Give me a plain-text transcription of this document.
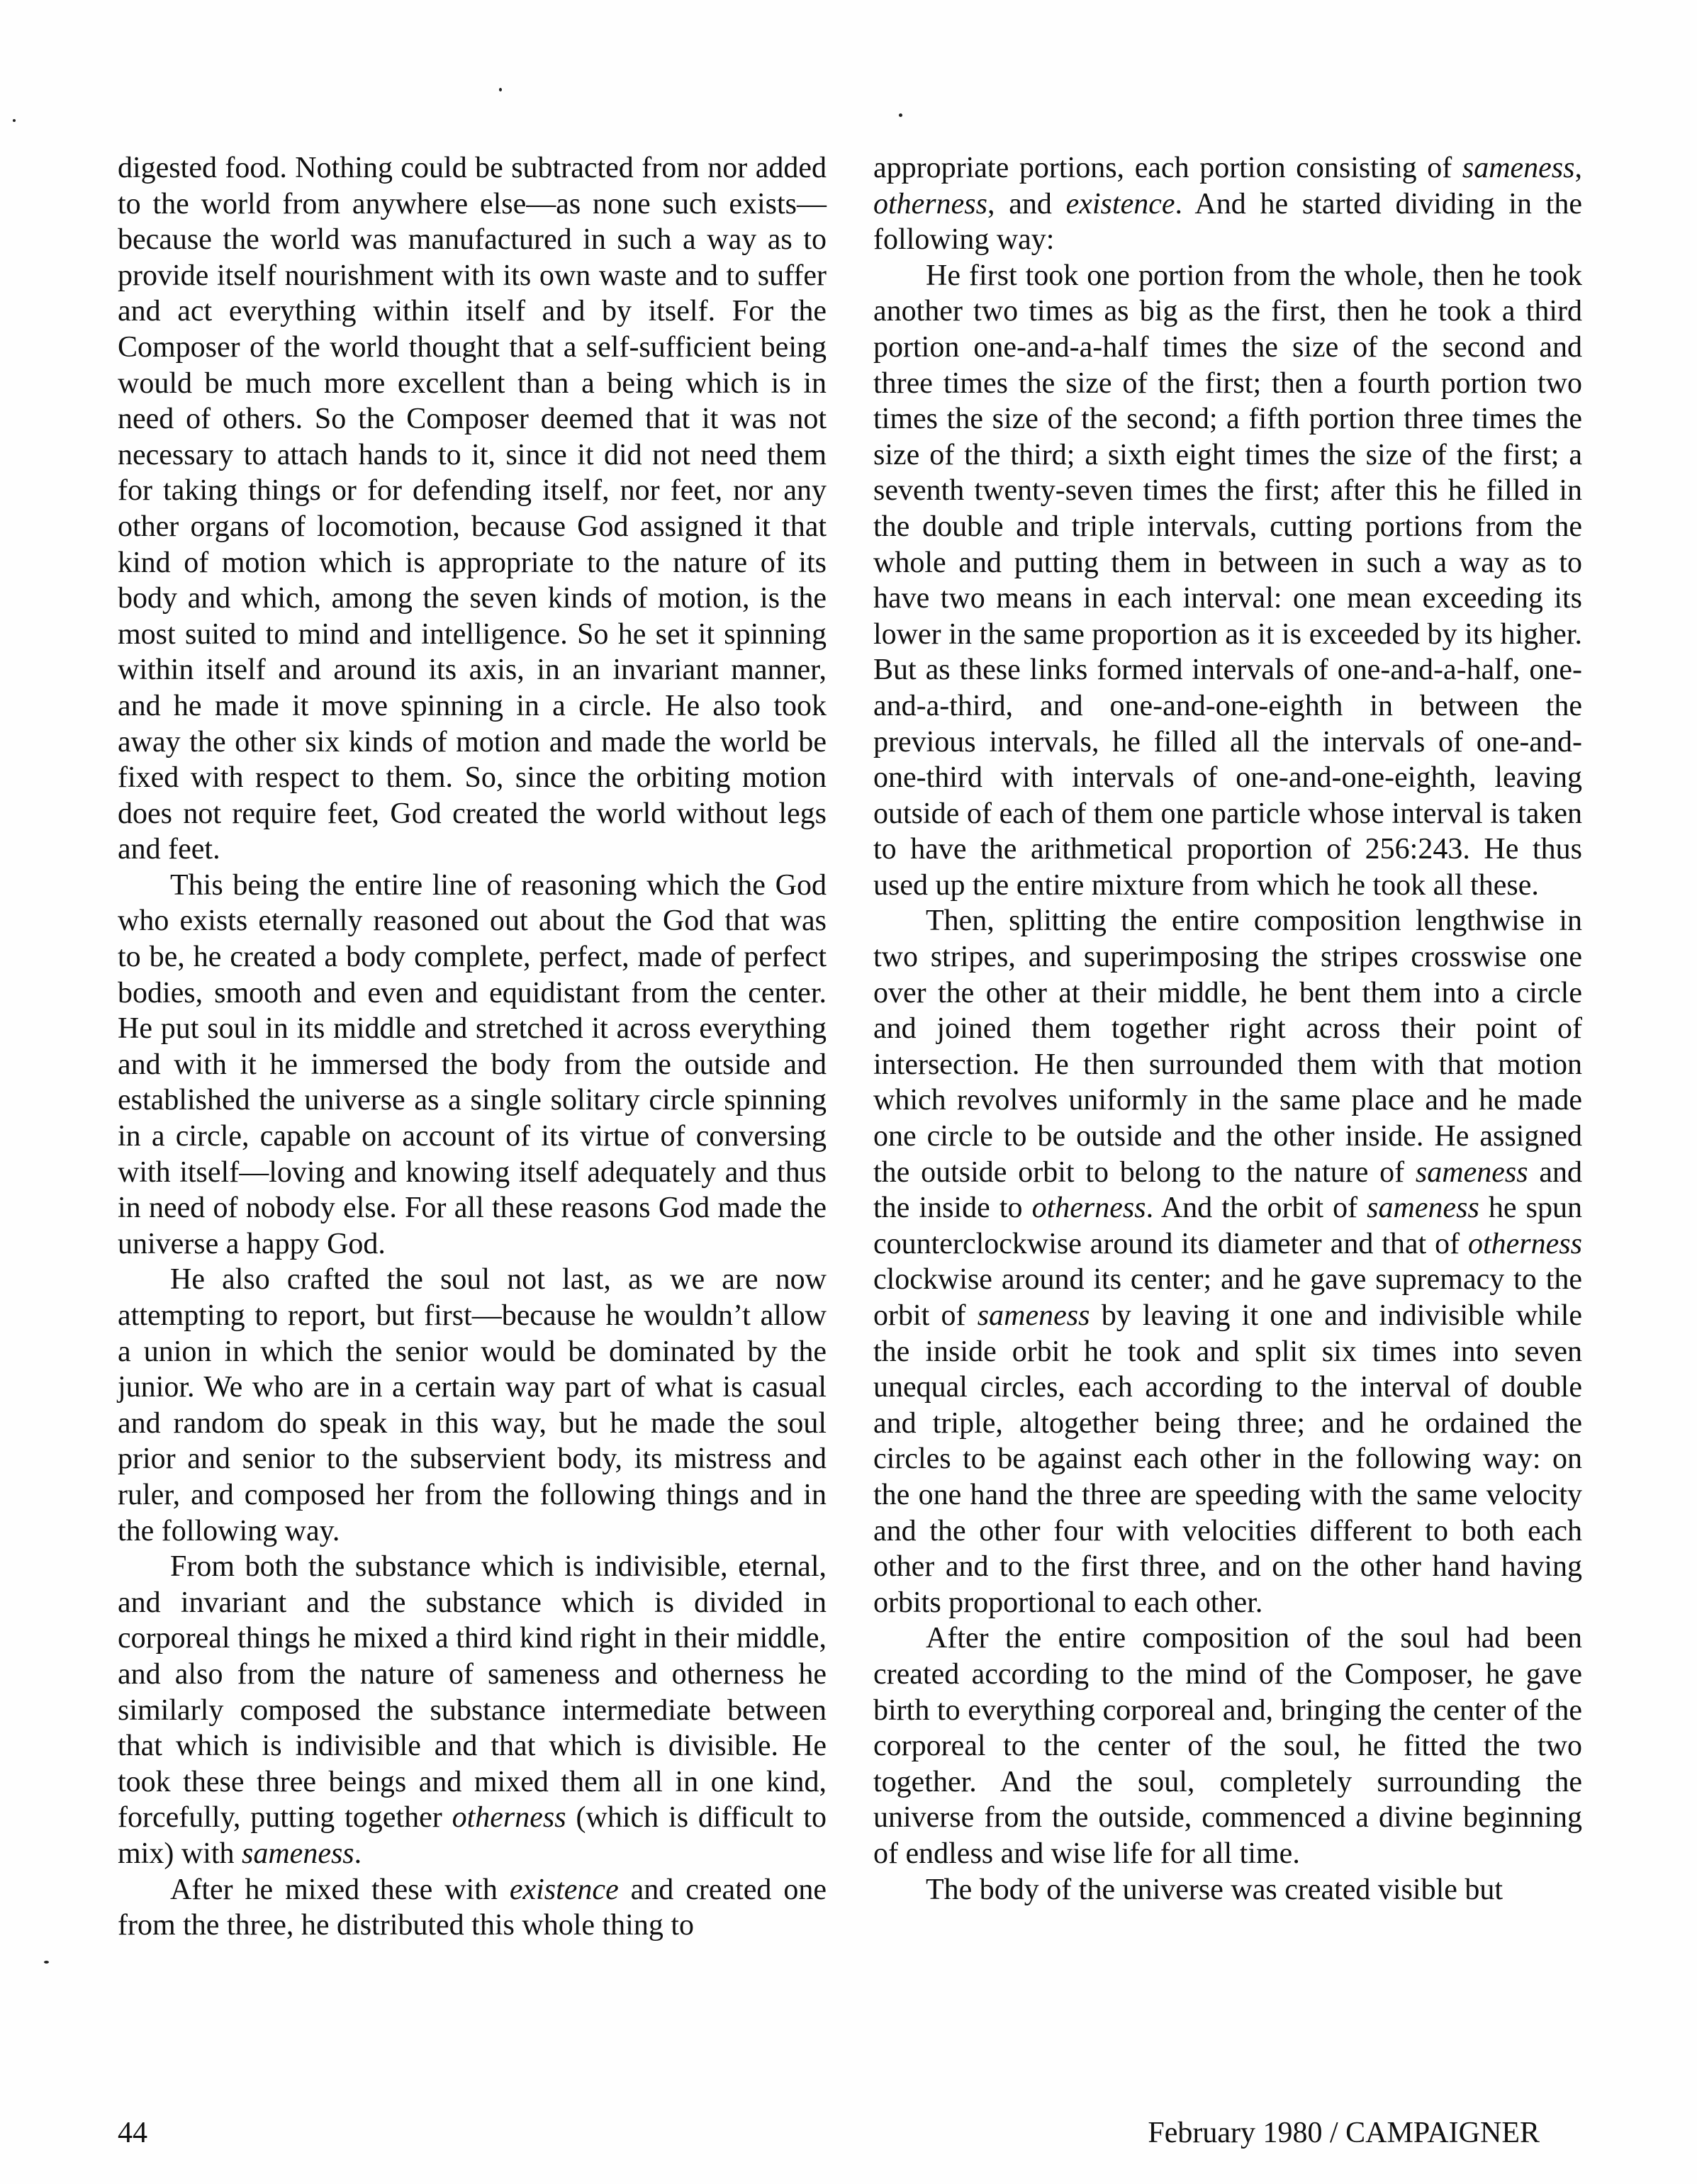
digested food. Nothing could be subtracted from nor added to the world from anywhere else—as none such exists—because the world was manufactured in such a way as to provide itself nourishment with its own waste and to suffer and act everything within itself and by itself. For the Composer of the world thought that a self-sufficient being would be much more excellent than a being which is in need of others. So the Composer deemed that it was not necessary to attach hands to it, since it did not need them for taking things or for defending itself, nor feet, nor any other organs of locomotion, because God assigned it that kind of motion which is appropriate to the nature of its body and which, among the seven kinds of motion, is the most suited to mind and intelligence. So he set it spinning within itself and around its axis, in an invariant manner, and he made it move spinning in a circle. He also took away the other six kinds of motion and made the world be fixed with respect to them. So, since the orbiting motion does not require feet, God created the world without legs and feet.

This being the entire line of reasoning which the God who exists eternally reasoned out about the God that was to be, he created a body complete, perfect, made of perfect bodies, smooth and even and equidistant from the center. He put soul in its middle and stretched it across everything and with it he immersed the body from the outside and established the universe as a single solitary circle spinning in a circle, capable on account of its virtue of conversing with itself—loving and knowing itself adequately and thus in need of nobody else. For all these reasons God made the universe a happy God.

He also crafted the soul not last, as we are now attempting to report, but first—because he wouldn’t allow a union in which the senior would be dominated by the junior. We who are in a certain way part of what is casual and random do speak in this way, but he made the soul prior and senior to the subservient body, its mistress and ruler, and composed her from the following things and in the following way.

From both the substance which is indivisible, eternal, and invariant and the substance which is divided in corporeal things he mixed a third kind right in their middle, and also from the nature of sameness and otherness he similarly composed the substance intermediate between that which is indivisible and that which is divisible. He took these three beings and mixed them all in one kind, forcefully, putting together otherness (which is difficult to mix) with sameness.

After he mixed these with existence and created one from the three, he distributed this whole thing to

appropriate portions, each portion consisting of sameness, otherness, and existence. And he started dividing in the following way:

He first took one portion from the whole, then he took another two times as big as the first, then he took a third portion one-and-a-half times the size of the second and three times the size of the first; then a fourth portion two times the size of the second; a fifth portion three times the size of the third; a sixth eight times the size of the first; a seventh twenty-seven times the first; after this he filled in the double and triple intervals, cutting portions from the whole and putting them in between in such a way as to have two means in each interval: one mean exceeding its lower in the same proportion as it is exceeded by its higher. But as these links formed intervals of one-and-a-half, one-and-a-third, and one-and-one-eighth in between the previous intervals, he filled all the intervals of one-and-one-third with intervals of one-and-one-eighth, leaving outside of each of them one particle whose interval is taken to have the arithmetical proportion of 256:243. He thus used up the entire mixture from which he took all these.

Then, splitting the entire composition lengthwise in two stripes, and superimposing the stripes crosswise one over the other at their middle, he bent them into a circle and joined them together right across their point of intersection. He then surrounded them with that motion which revolves uniformly in the same place and he made one circle to be outside and the other inside. He assigned the outside orbit to belong to the nature of sameness and the inside to otherness. And the orbit of sameness he spun counterclockwise around its diameter and that of otherness clockwise around its center; and he gave supremacy to the orbit of sameness by leaving it one and indivisible while the inside orbit he took and split six times into seven unequal circles, each according to the interval of double and triple, altogether being three; and he ordained the circles to be against each other in the following way: on the one hand the three are speeding with the same velocity and the other four with velocities different to both each other and to the first three, and on the other hand having orbits proportional to each other.

After the entire composition of the soul had been created according to the mind of the Composer, he gave birth to everything corporeal and, bringing the center of the corporeal to the center of the soul, he fitted the two together. And the soul, completely surrounding the universe from the outside, commenced a divine beginning of endless and wise life for all time.

The body of the universe was created visible but

44	February 1980 / CAMPAIGNER
